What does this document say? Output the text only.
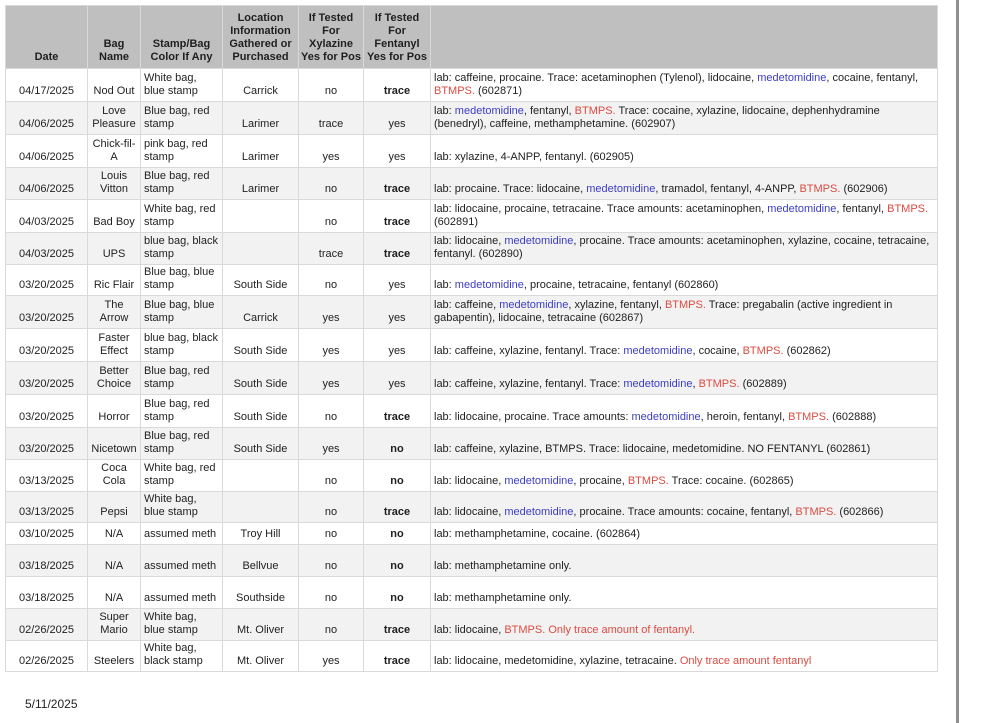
Date	Bag Name	Stamp/Bag Color If Any	Location Information Gathered or Purchased	If Tested For Xylazine Yes for Pos	If Tested For Fentanyl Yes for Pos	
04/17/2025	Nod Out	White bag, blue stamp	Carrick	no	trace	lab: caffeine, procaine. Trace: acetaminophen (Tylenol), lidocaine, medetomidine, cocaine, fentanyl, BTMPS. (602871)
04/06/2025	Love Pleasure	Blue bag, red stamp	Larimer	trace	yes	lab: medetomidine, fentanyl, BTMPS. Trace: cocaine, xylazine, lidocaine, dephenhydramine (benedryl), caffeine, methamphetamine. (602907)
04/06/2025	Chick-fil-A	pink bag, red stamp	Larimer	yes	yes	lab: xylazine, 4-ANPP, fentanyl. (602905)
04/06/2025	Louis Vitton	Blue bag, red stamp	Larimer	no	trace	lab: procaine. Trace: lidocaine, medetomidine, tramadol, fentanyl, 4-ANPP, BTMPS. (602906)
04/03/2025	Bad Boy	White bag, red stamp		no	trace	lab: lidocaine, procaine, tetracaine. Trace amounts: acetaminophen, medetomidine, fentanyl, BTMPS. (602891)
04/03/2025	UPS	blue bag, black stamp		trace	trace	lab: lidocaine, medetomidine, procaine. Trace amounts: acetaminophen, xylazine, cocaine, tetracaine, fentanyl. (602890)
03/20/2025	Ric Flair	Blue bag, blue stamp	South Side	no	yes	lab: medetomidine, procaine, tetracaine, fentanyl (602860)
03/20/2025	The Arrow	Blue bag, blue stamp	Carrick	yes	yes	lab: caffeine, medetomidine, xylazine, fentanyl, BTMPS. Trace: pregabalin (active ingredient in gabapentin), lidocaine, tetracaine (602867)
03/20/2025	Faster Effect	blue bag, black stamp	South Side	yes	yes	lab: caffeine, xylazine, fentanyl. Trace: medetomidine, cocaine, BTMPS. (602862)
03/20/2025	Better Choice	Blue bag, red stamp	South Side	yes	yes	lab: caffeine, xylazine, fentanyl. Trace: medetomidine, BTMPS. (602889)
03/20/2025	Horror	Blue bag, red stamp	South Side	no	trace	lab: lidocaine, procaine. Trace amounts: medetomidine, heroin, fentanyl, BTMPS. (602888)
03/20/2025	Nicetown	Blue bag, red stamp	South Side	yes	no	lab: caffeine, xylazine, BTMPS. Trace: lidocaine, medetomidine. NO FENTANYL (602861)
03/13/2025	Coca Cola	White bag, red stamp		no	no	lab: lidocaine, medetomidine, procaine, BTMPS. Trace: cocaine. (602865)
03/13/2025	Pepsi	White bag, blue stamp		no	trace	lab: lidocaine, medetomidine, procaine. Trace amounts: cocaine, fentanyl, BTMPS. (602866)
03/10/2025	N/A	assumed meth	Troy Hill	no	no	lab: methamphetamine, cocaine. (602864)
03/18/2025	N/A	assumed meth	Bellvue	no	no	lab: methamphetamine only.
03/18/2025	N/A	assumed meth	Southside	no	no	lab: methamphetamine only.
02/26/2025	Super Mario	White bag, blue stamp	Mt. Oliver	no	trace	lab: lidocaine, BTMPS. Only trace amount of fentanyl.
02/26/2025	Steelers	White bag, black stamp	Mt. Oliver	yes	trace	lab: lidocaine, medetomidine, xylazine, tetracaine. Only trace amount fentanyl
5/11/2025
